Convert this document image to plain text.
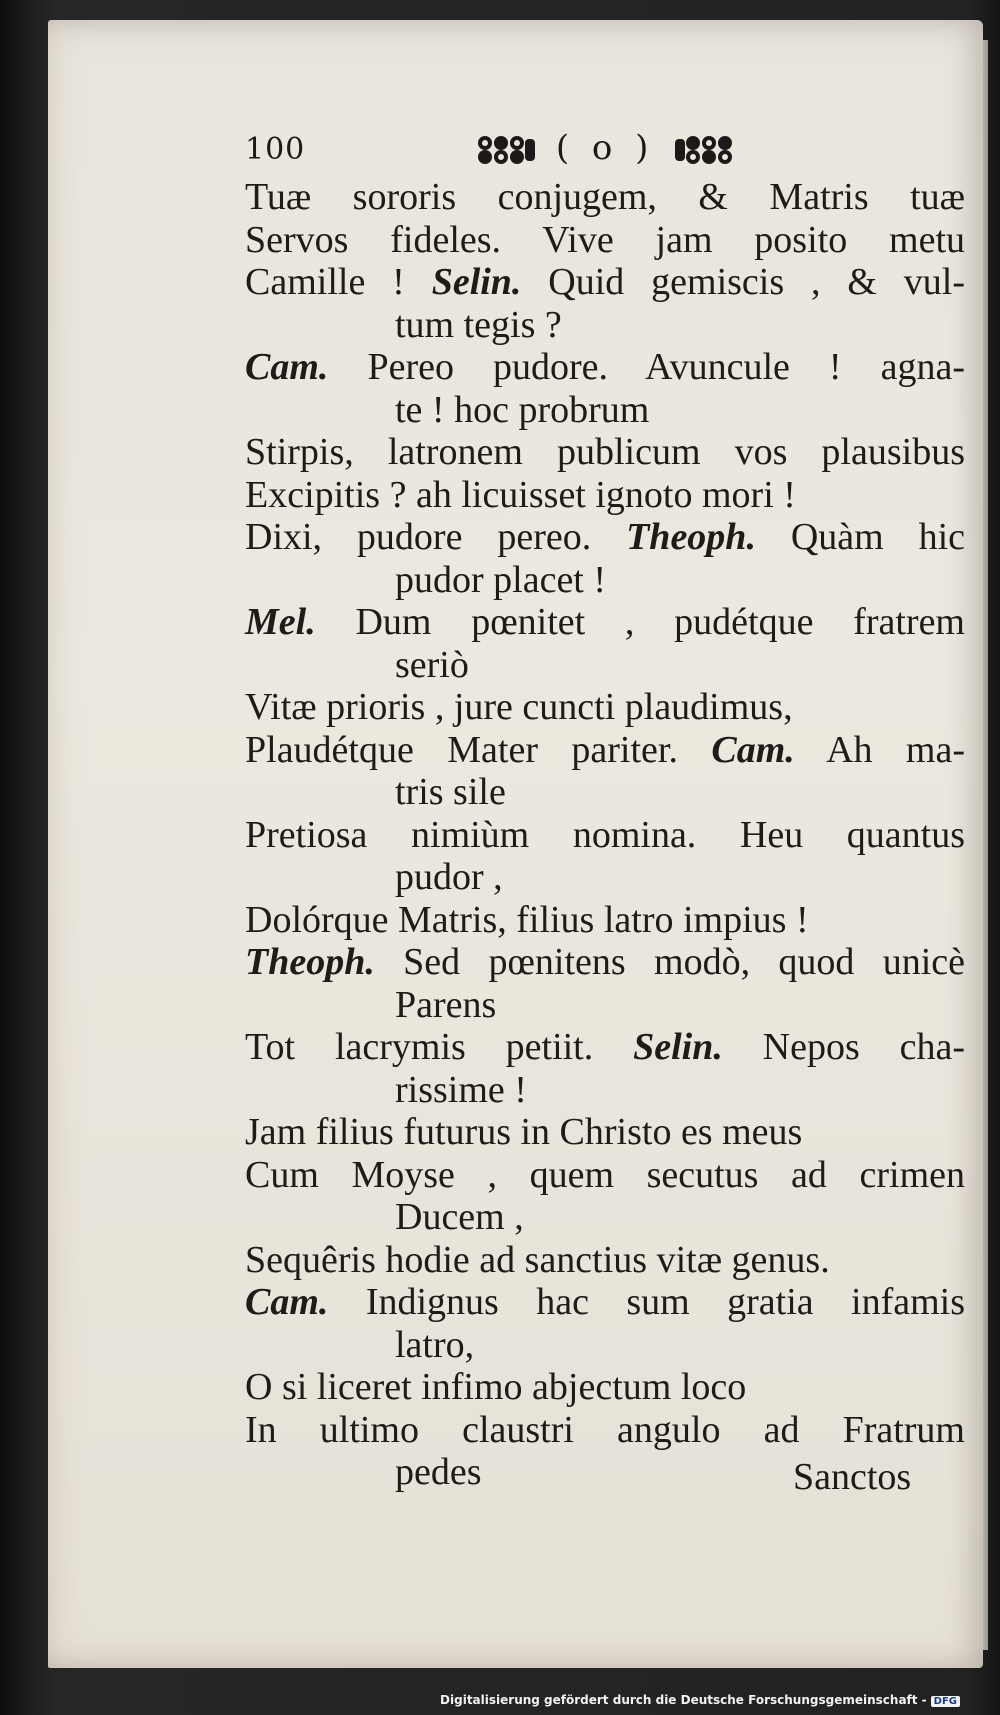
100	( o )
Tuæ sororis conjugem, & Matris tuæ
Servos fideles. Vive jam posito metu
Camille ! Selin. Quid gemiscis , & vul-
tum tegis ?
Cam. Pereo pudore. Avuncule ! agna-
te ! hoc probrum
Stirpis, latronem publicum vos plausibus
Excipitis ? ah licuisset ignoto mori !
Dixi, pudore pereo. Theoph. Quàm hic
pudor placet !
Mel. Dum pœnitet , pudétque fratrem
seriò
Vitæ prioris , jure cuncti plaudimus,
Plaudétque Mater pariter. Cam. Ah ma-
tris sile
Pretiosa nimiùm nomina. Heu quantus
pudor ,
Dolórque Matris, filius latro impius !
Theoph. Sed pœnitens modò, quod unicè
Parens
Tot lacrymis petiit. Selin. Nepos cha-
rissime !
Jam filius futurus in Christo es meus
Cum Moyse , quem secutus ad crimen
Ducem ,
Sequêris hodie ad sanctius vitæ genus.
Cam. Indignus hac sum gratia infamis
latro,
O si liceret infimo abjectum loco
In ultimo claustri angulo ad Fratrum
pedes	Sanctos
Digitalisierung gefördert durch die Deutsche Forschungsgemeinschaft - DFG
